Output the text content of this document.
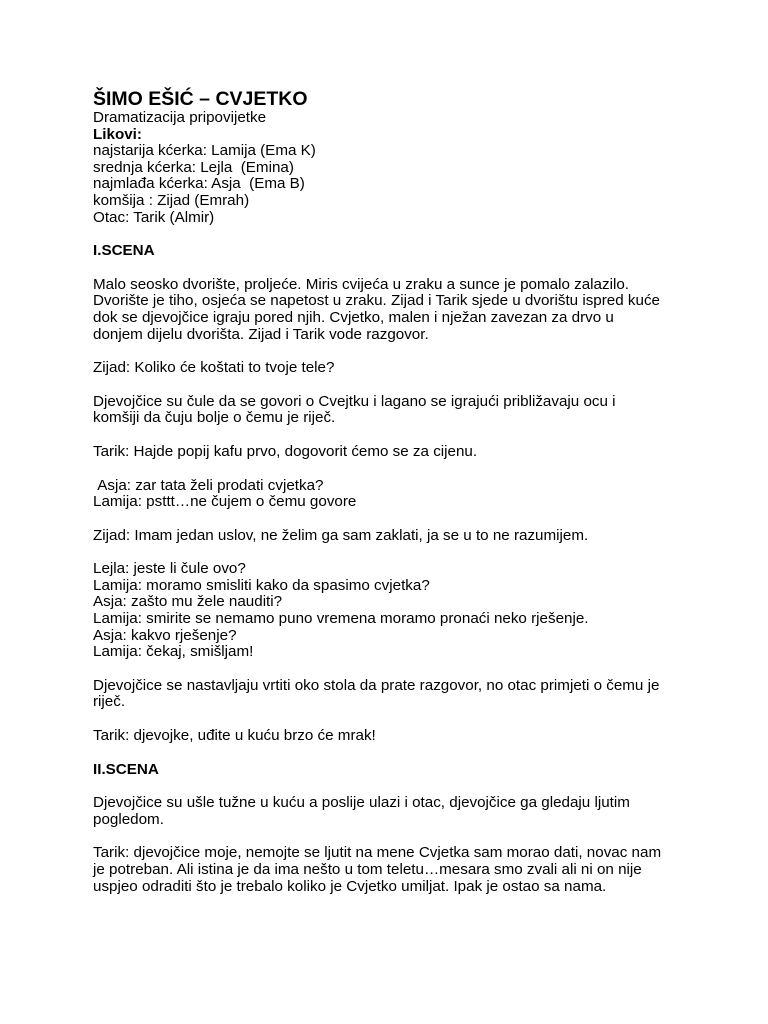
ŠIMO EŠIĆ – CVJETKO

Dramatizacija pripovijetke

Likovi:

najstarija kćerka: Lamija (Ema K)

srednja kćerka: Lejla  (Emina)

najmlađa kćerka: Asja  (Ema B)

komšija : Zijad (Emrah)

Otac: Tarik (Almir)

I.SCENA

Malo seosko dvorište, proljeće. Miris cvijeća u zraku a sunce je pomalo zalazilo.

Dvorište je tiho, osjeća se napetost u zraku. Zijad i Tarik sjede u dvorištu ispred kuće

dok se djevojčice igraju pored njih. Cvjetko, malen i nježan zavezan za drvo u

donjem dijelu dvorišta. Zijad i Tarik vode razgovor.

Zijad: Koliko će koštati to tvoje tele?

Djevojčice su čule da se govori o Cvejtku i lagano se igrajući približavaju ocu i

komšiji da čuju bolje o čemu je riječ.

Tarik: Hajde popij kafu prvo, dogovorit ćemo se za cijenu.

Asja: zar tata želi prodati cvjetka?

Lamija: psttt…ne čujem o čemu govore

Zijad: Imam jedan uslov, ne želim ga sam zaklati, ja se u to ne razumijem.

Lejla: jeste li čule ovo?

Lamija: moramo smisliti kako da spasimo cvjetka?

Asja: zašto mu žele nauditi?

Lamija: smirite se nemamo puno vremena moramo pronaći neko rješenje.

Asja: kakvo rješenje?

Lamija: čekaj, smišljam!

Djevojčice se nastavljaju vrtiti oko stola da prate razgovor, no otac primjeti o čemu je

riječ.

Tarik: djevojke, uđite u kuću brzo će mrak!

II.SCENA

Djevojčice su ušle tužne u kuću a poslije ulazi i otac, djevojčice ga gledaju ljutim

pogledom.

Tarik: djevojčice moje, nemojte se ljutit na mene Cvjetka sam morao dati, novac nam

je potreban. Ali istina je da ima nešto u tom teletu…mesara smo zvali ali ni on nije

uspjeo odraditi što je trebalo koliko je Cvjetko umiljat. Ipak je ostao sa nama.
